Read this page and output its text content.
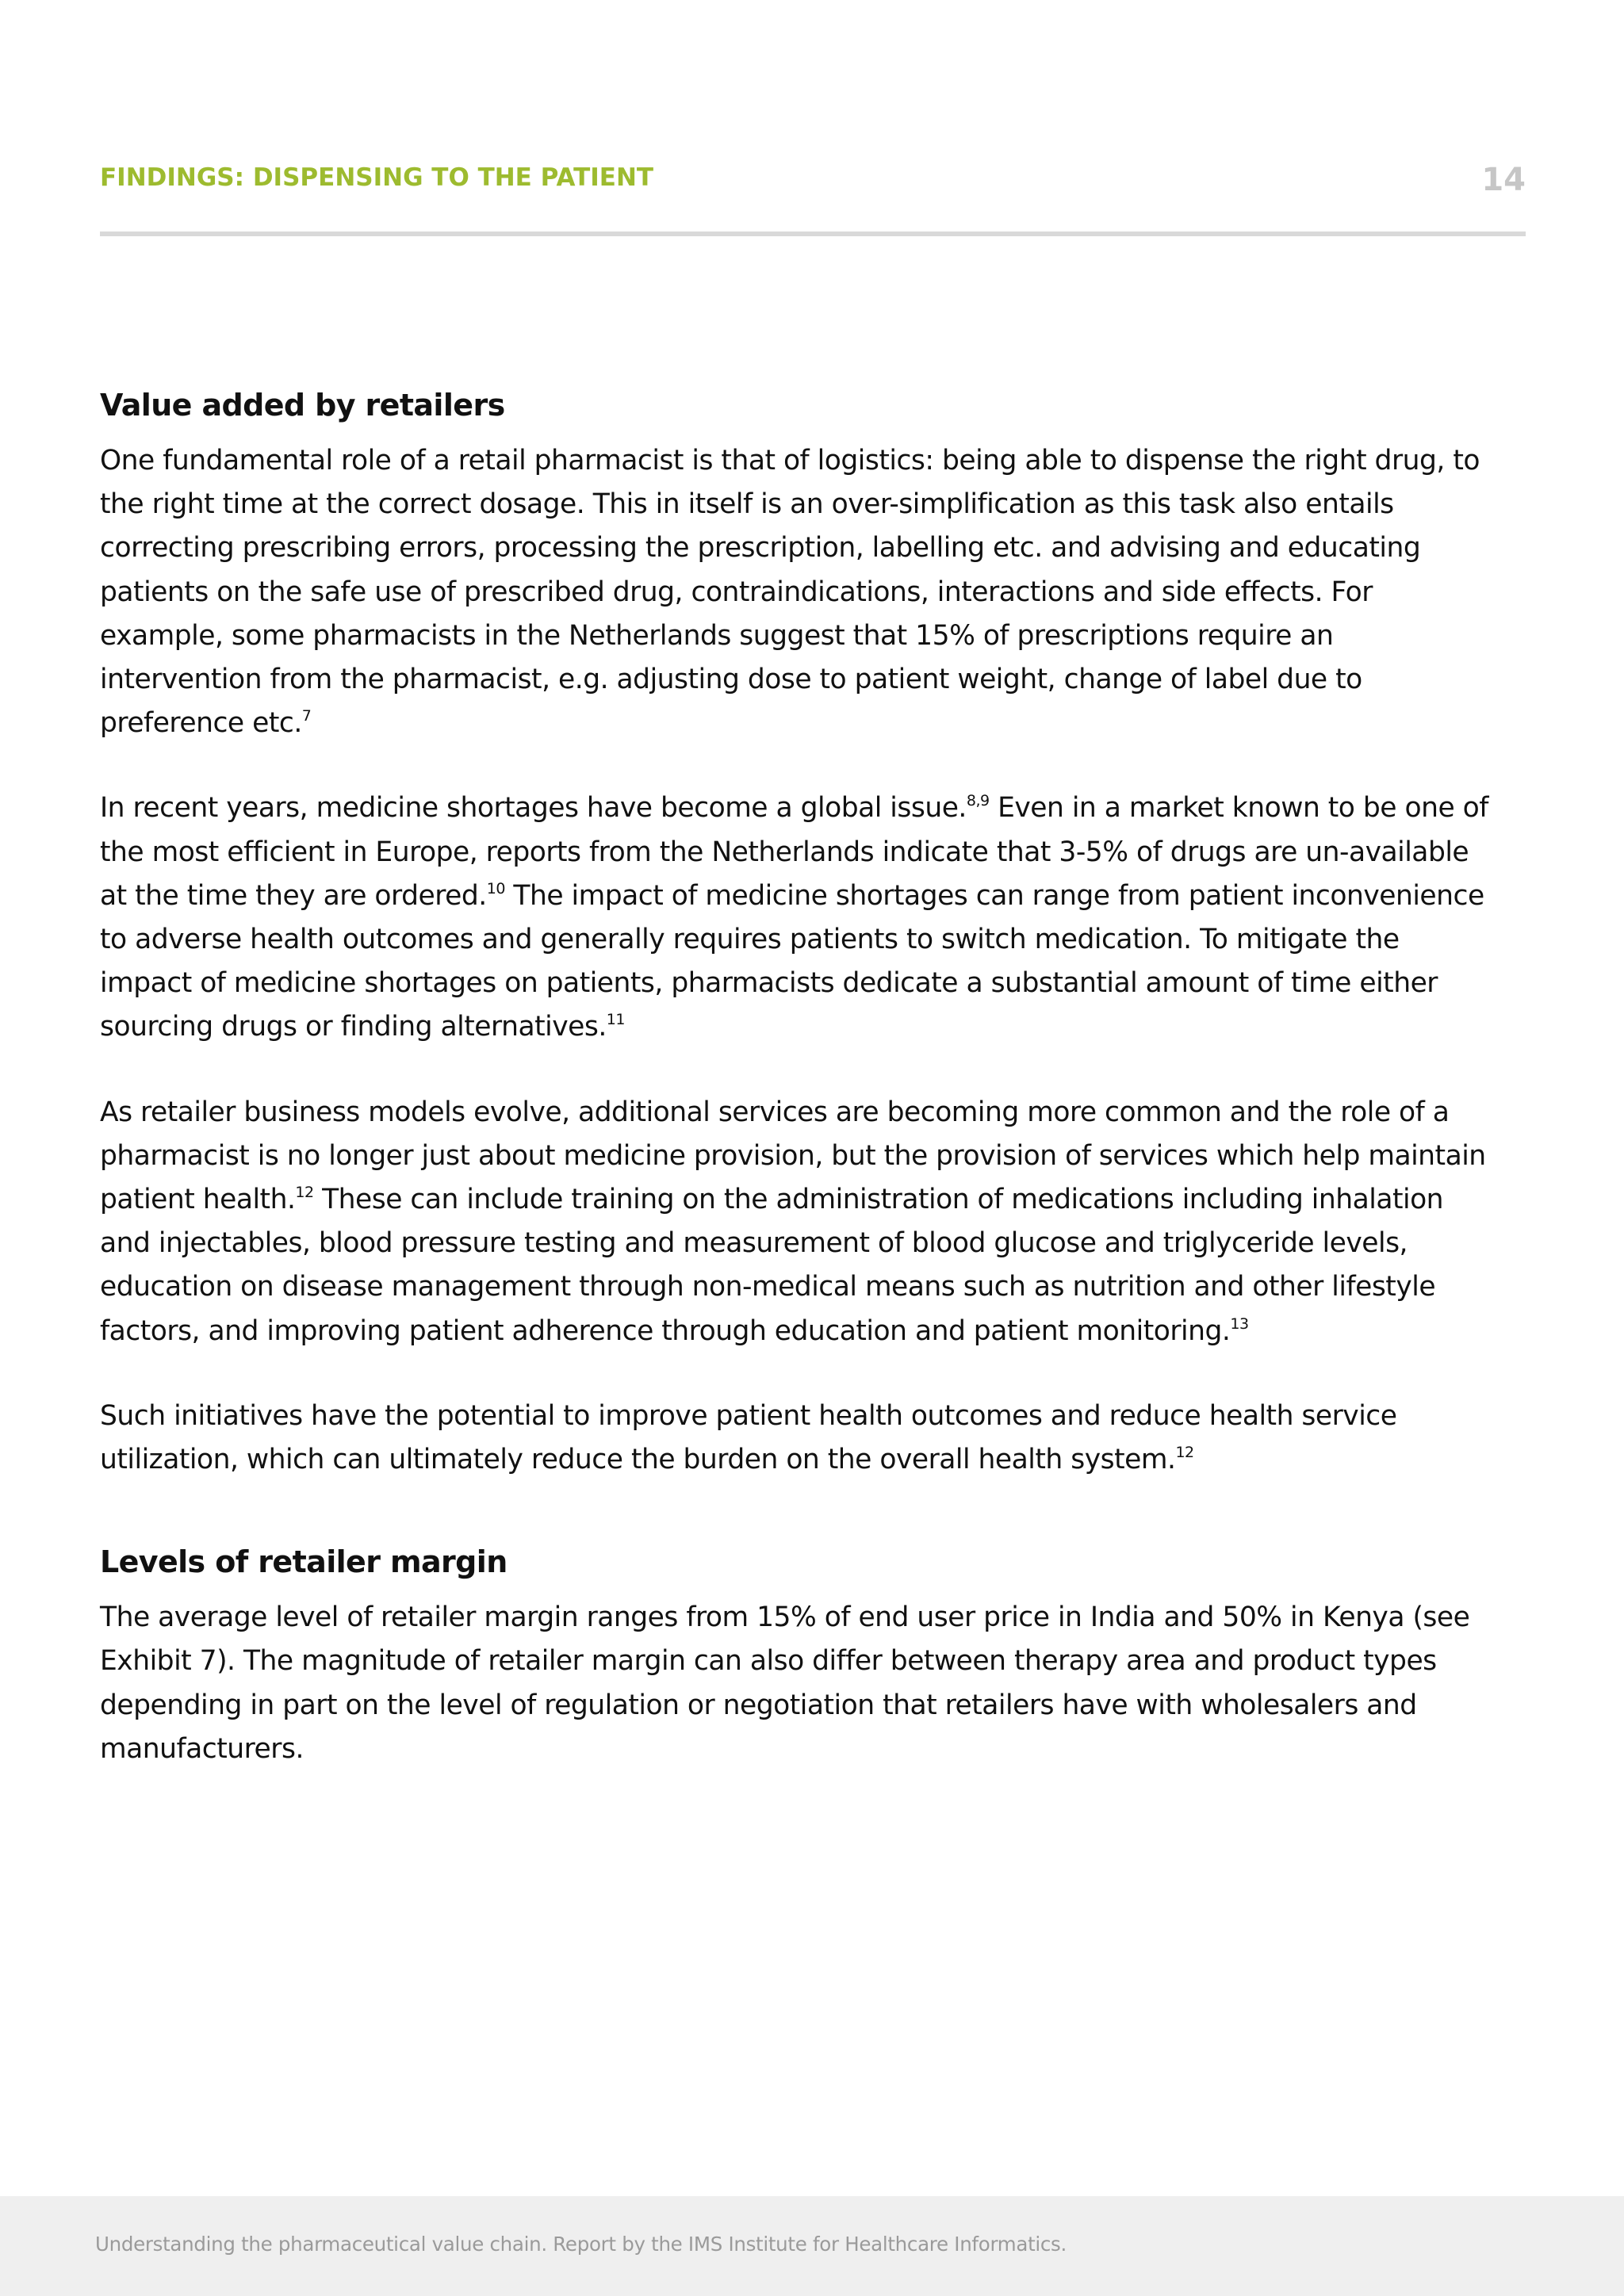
FINDINGS: DISPENSING TO THE PATIENT	14
Value added by retailers

One fundamental role of a retail pharmacist is that of logistics: being able to dispense the right drug, to the right time at the correct dosage. This in itself is an over-simplification as this task also entails correcting prescribing errors, processing the prescription, labelling etc. and advising and educating patients on the safe use of prescribed drug, contraindications, interactions and side effects. For example, some pharmacists in the Netherlands suggest that 15% of prescriptions require an intervention from the pharmacist, e.g. adjusting dose to patient weight, change of label due to preference etc.$^7$

In recent years, medicine shortages have become a global issue.$^{8,9}$ Even in a market known to be one of the most efficient in Europe, reports from the Netherlands indicate that 3-5% of drugs are un-available at the time they are ordered.$^{10}$ The impact of medicine shortages can range from patient inconvenience to adverse health outcomes and generally requires patients to switch medication. To mitigate the impact of medicine shortages on patients, pharmacists dedicate a substantial amount of time either sourcing drugs or finding alternatives.$^{11}$

As retailer business models evolve, additional services are becoming more common and the role of a pharmacist is no longer just about medicine provision, but the provision of services which help maintain patient health.$^{12}$ These can include training on the administration of medications including inhalation and injectables, blood pressure testing and measurement of blood glucose and triglyceride levels, education on disease management through non-medical means such as nutrition and other lifestyle factors, and improving patient adherence through education and patient monitoring.$^{13}$

Such initiatives have the potential to improve patient health outcomes and reduce health service utilization, which can ultimately reduce the burden on the overall health system.$^{12}$

Levels of retailer margin

The average level of retailer margin ranges from 15% of end user price in India and 50% in Kenya (see Exhibit 7). The magnitude of retailer margin can also differ between therapy area and product types depending in part on the level of regulation or negotiation that retailers have with wholesalers and manufacturers.

Understanding the pharmaceutical value chain. Report by the IMS Institute for Healthcare Informatics.
